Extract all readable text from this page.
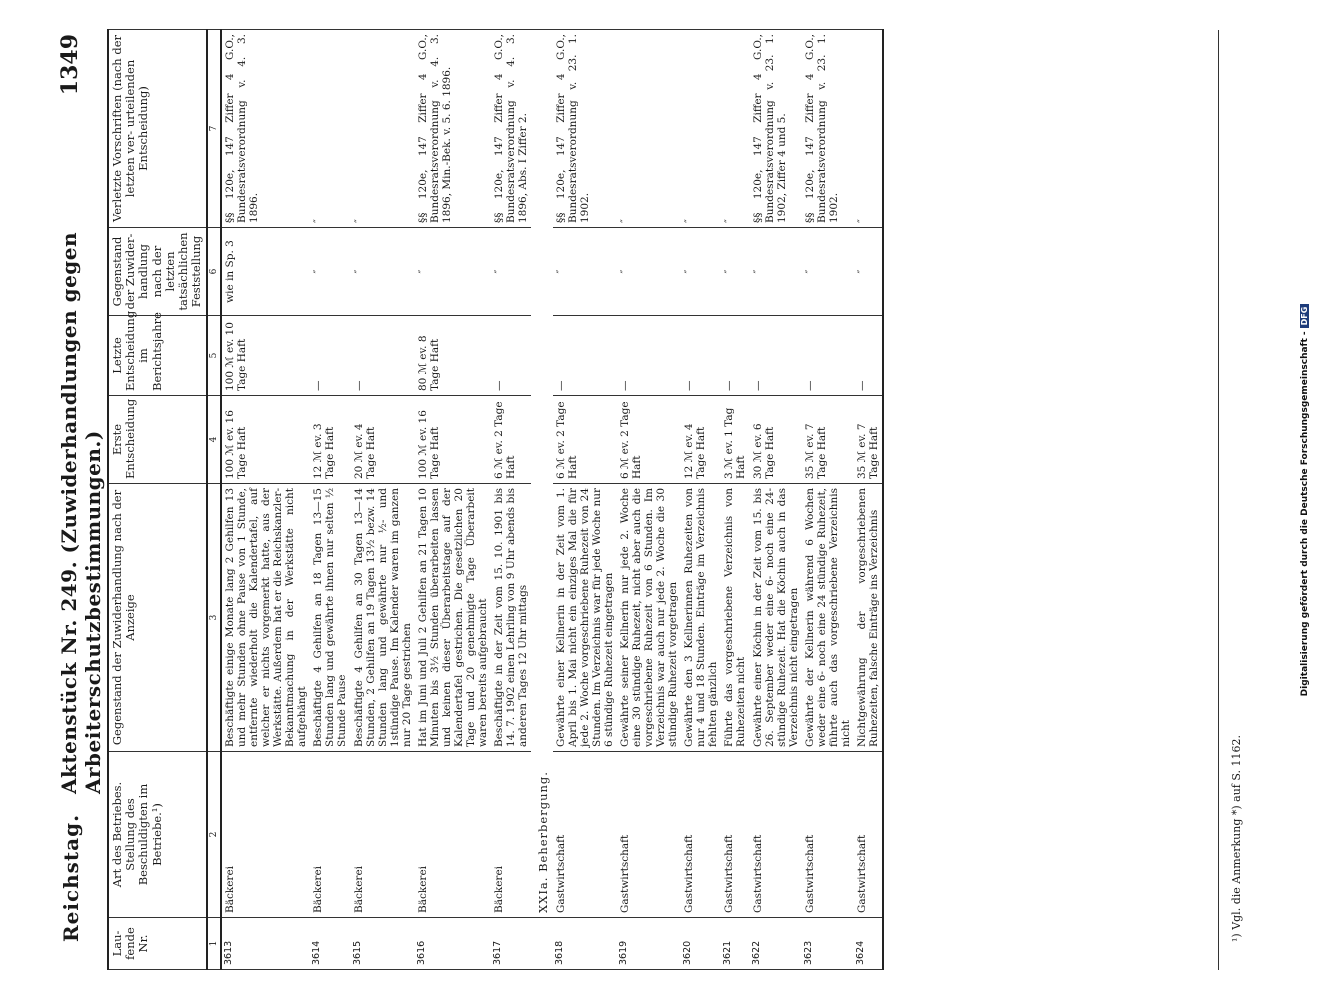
Reichstag.
Aktenstück Nr. 249. (Zuwiderhandlungen gegen Arbeiterschutzbestimmungen.)
1349
Lau- fende Nr.	Art des Betriebes. Stellung des Beschuldigten im Betriebe.¹)	Gegenstand der Zuwiderhandlung nach der Anzeige	Erste Entscheidung	Letzte Entscheidung im Berichtsjahre	Gegenstand der Zuwider- handlung nach der letzten tatsächlichen Feststellung	Verletzte Vorschriften (nach der letzten ver- urteilenden Entscheidung)
1	2	3	4	5	6	7
3613	Bäckerei	Beschäftigte einige Monate lang 2 Gehilfen 13 und mehr Stunden ohne Pause von 1 Stunde, entfernte wiederholt die Kalendertafel, auf welcher er nichts vorgemerkt hatte, aus der Werkstätte. Außerdem hat er die Reichskanzler-Bekanntmachung in der Werkstätte nicht aufgehängt	100 ℳ ev. 16 Tage Haft	100 ℳ ev. 10 Tage Haft	wie in Sp. 3	§§ 120e, 147 Ziffer 4 G.O., Bundesratsverordnung v. 4. 3. 1896.
3614	Bäckerei	Beschäftigte 4 Gehilfen an 18 Tagen 13—15 Stunden lang und gewährte ihnen nur selten ½ Stunde Pause	12 ℳ ev. 3 Tage Haft	—	″	″
3615	Bäckerei	Beschäftigte 4 Gehilfen an 30 Tagen 13—14 Stunden, 2 Gehilfen an 19 Tagen 13½ bezw. 14 Stunden lang und gewährte nur ½- und 1stündige Pause. Im Kalender waren im ganzen nur 20 Tage gestrichen	20 ℳ ev. 4 Tage Haft	—	″	″
3616	Bäckerei	Hat im Juni und Juli 2 Gehilfen an 21 Tagen 10 Minuten bis 3½ Stunden überarbeiten lassen und keinen dieser Überarbeitstage auf der Kalendertafel gestrichen. Die gesetzlichen 20 Tage und 20 genehmigte Tage Überarbeit waren bereits aufgebraucht	100 ℳ ev. 16 Tage Haft	80 ℳ ev. 8 Tage Haft	″	§§ 120e, 147 Ziffer 4 G.O., Bundesratsverordnung v. 4. 3. 1896, Min.-Bek. v. 5. 6. 1896.
3617	Bäckerei	Beschäftigte in der Zeit vom 15. 10. 1901 bis 14. 7. 1902 einen Lehrling von 9 Uhr abends bis anderen Tages 12 Uhr mittags	6 ℳ ev. 2 Tage Haft	—	″	§§ 120e, 147 Ziffer 4 G.O., Bundesratsverordnung v. 4. 3. 1896, Abs. I Ziffer 2.
	XXIa. Beherbergung.					
3618	Gastwirtschaft	Gewährte einer Kellnerin in der Zeit vom 1. April bis 1. Mai nicht ein einziges Mal die für jede 2. Woche vorgeschriebene Ruhezeit von 24 Stunden. Im Verzeichnis war für jede Woche nur 6 stündige Ruhezeit eingetragen	6 ℳ ev. 2 Tage Haft	—	″	§§ 120e, 147 Ziffer 4 G.O., Bundesratsverordnung v. 23. 1. 1902.
3619	Gastwirtschaft	Gewährte seiner Kellnerin nur jede 2. Woche eine 30 stündige Ruhezeit, nicht aber auch die vorgeschriebene Ruhezeit von 6 Stunden. Im Verzeichnis war auch nur jede 2. Woche die 30 stündige Ruhezeit vorgetragen	6 ℳ ev. 2 Tage Haft	—	″	″
3620	Gastwirtschaft	Gewährte den 3 Kellnerinnen Ruhezeiten von nur 4 und 18 Stunden. Einträge im Verzeichnis fehlten gänzlich	12 ℳ ev. 4 Tage Haft	—	″	″
3621	Gastwirtschaft	Führte das vorgeschriebene Verzeichnis von Ruhezeiten nicht	3 ℳ ev. 1 Tag Haft	—	″	″
3622	Gastwirtschaft	Gewährte einer Köchin in der Zeit vom 15. bis 26. September weder eine 6- noch eine 24-stündige Ruhezeit. Hat die Köchin auch in das Verzeichnis nicht eingetragen	30 ℳ ev. 6 Tage Haft	—	″	§§ 120e, 147 Ziffer 4 G.O., Bundesratsverordnung v. 23. 1. 1902, Ziffer 4 und 5.
3623	Gastwirtschaft	Gewährte der Kellnerin während 6 Wochen weder eine 6- noch eine 24 stündige Ruhezeit, führte auch das vorgeschriebene Verzeichnis nicht	35 ℳ ev. 7 Tage Haft	—	″	§§ 120e, 147 Ziffer 4 G.O., Bundesratsverordnung v. 23. 1. 1902.
3624	Gastwirtschaft	Nichtgewährung der vorgeschriebenen Ruhezeiten, falsche Einträge ins Verzeichnis	35 ℳ ev. 7 Tage Haft	—	″	″
¹) Vgl. die Anmerkung *) auf S. 1162.
Digitalisierung gefördert durch die Deutsche Forschungsgemeinschaft -DFG
